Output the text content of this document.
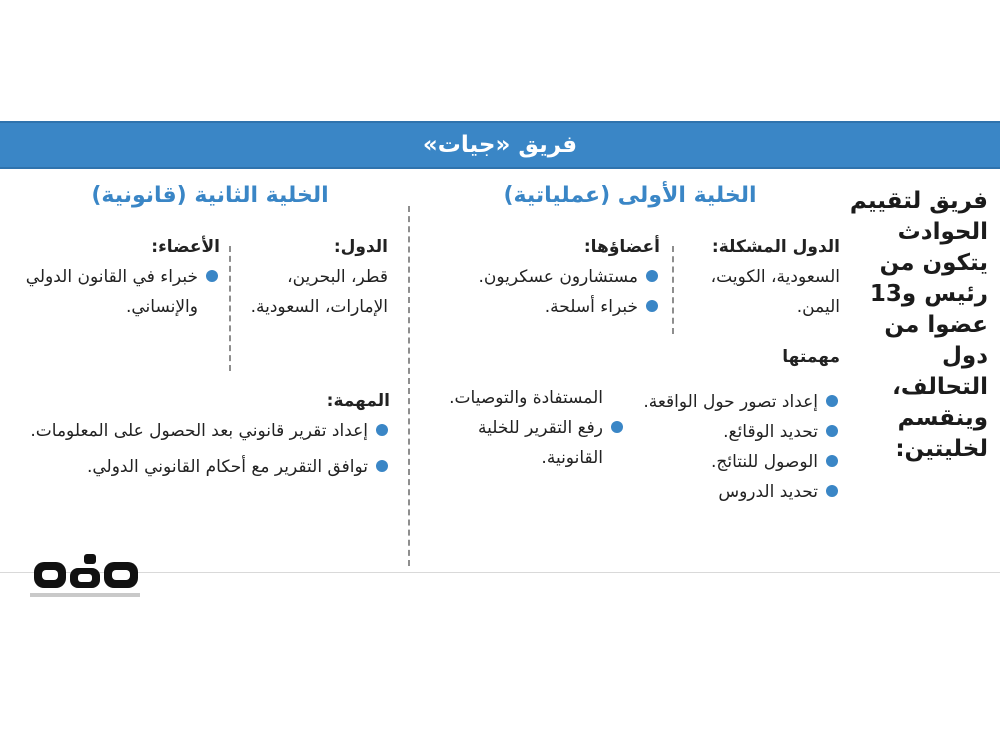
فريق «جيات»
فريق لتقييم الحوادث يتكون من رئيس و13 عضوا من دول التحالف، وينقسم لخليتين:
الخلية الأولى (عملياتية)
الدول المشكلة:
السعودية، الكويت، اليمن.
أعضاؤها:
مستشارون عسكريون.
خبراء أسلحة.
مهمتها
إعداد تصور حول الواقعة.
تحديد الوقائع.
الوصول للنتائج.
تحديد الدروس
المستفادة والتوصيات.
رفع التقرير للخلية القانونية.
الخلية الثانية (قانونية)
الدول:
قطر، البحرين، الإمارات، السعودية.
الأعضاء:
خبراء في القانون الدولي والإنساني.
المهمة:
إعداد تقرير قانوني بعد الحصول على المعلومات.
توافق التقرير مع أحكام القانوني الدولي.
